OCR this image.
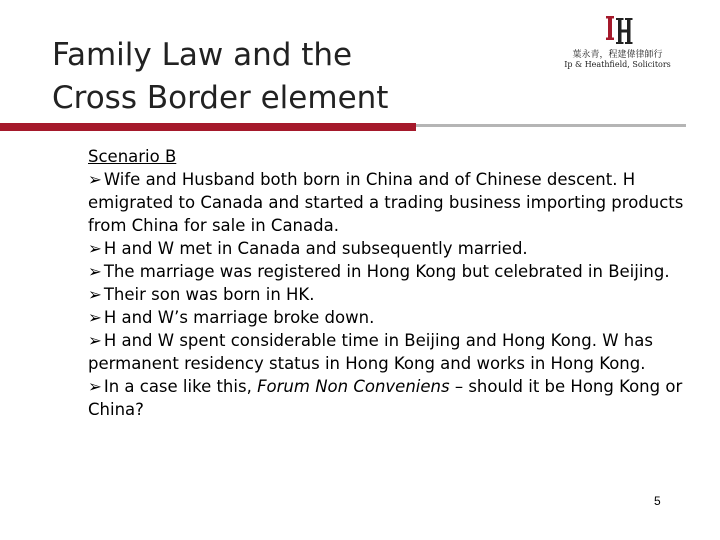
Family Law and the
Cross Border element
葉永青，程建偉律師行
Ip & Heathfield, Solicitors

Scenario B

➢ Wife and Husband both born in China and of Chinese descent. H emigrated to Canada and started a trading business importing products from China for sale in Canada.

➢ H and W met in Canada and subsequently married.

➢ The marriage was registered in Hong Kong but celebrated in Beijing.

➢ Their son was born in HK.

➢ H and W’s marriage broke down.

➢ H and W spent considerable time in Beijing and Hong Kong. W has permanent residency status in Hong Kong and works in Hong Kong.

➢ In a case like this, Forum Non Conveniens – should it be Hong Kong or China?

5
